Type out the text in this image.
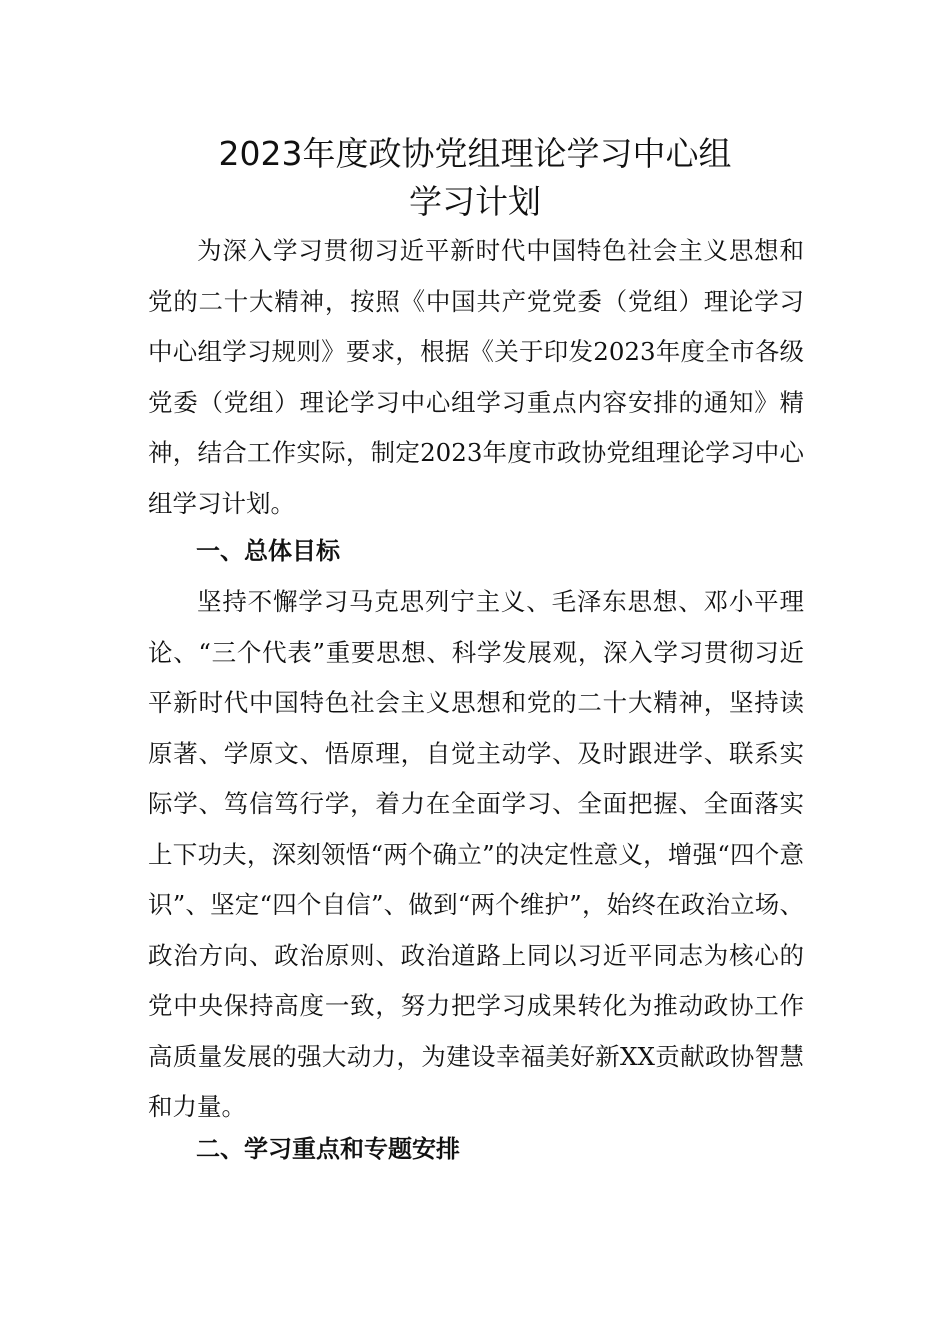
2023年度政协党组理论学习中心组
学习计划

为深入学习贯彻习近平新时代中国特色社会主义思想和党的二十大精神，按照《中国共产党党委（党组）理论学习中心组学习规则》要求，根据《关于印发2023年度全市各级党委（党组）理论学习中心组学习重点内容安排的通知》精神，结合工作实际，制定2023年度市政协党组理论学习中心组学习计划。

一、总体目标

坚持不懈学习马克思列宁主义、毛泽东思想、邓小平理论、“三个代表”重要思想、科学发展观，深入学习贯彻习近平新时代中国特色社会主义思想和党的二十大精神，坚持读原著、学原文、悟原理，自觉主动学、及时跟进学、联系实际学、笃信笃行学，着力在全面学习、全面把握、全面落实上下功夫，深刻领悟“两个确立”的决定性意义，增强“四个意识”、坚定“四个自信”、做到“两个维护”，始终在政治立场、政治方向、政治原则、政治道路上同以习近平同志为核心的党中央保持高度一致，努力把学习成果转化为推动政协工作高质量发展的强大动力，为建设幸福美好新XX贡献政协智慧和力量。

二、学习重点和专题安排
